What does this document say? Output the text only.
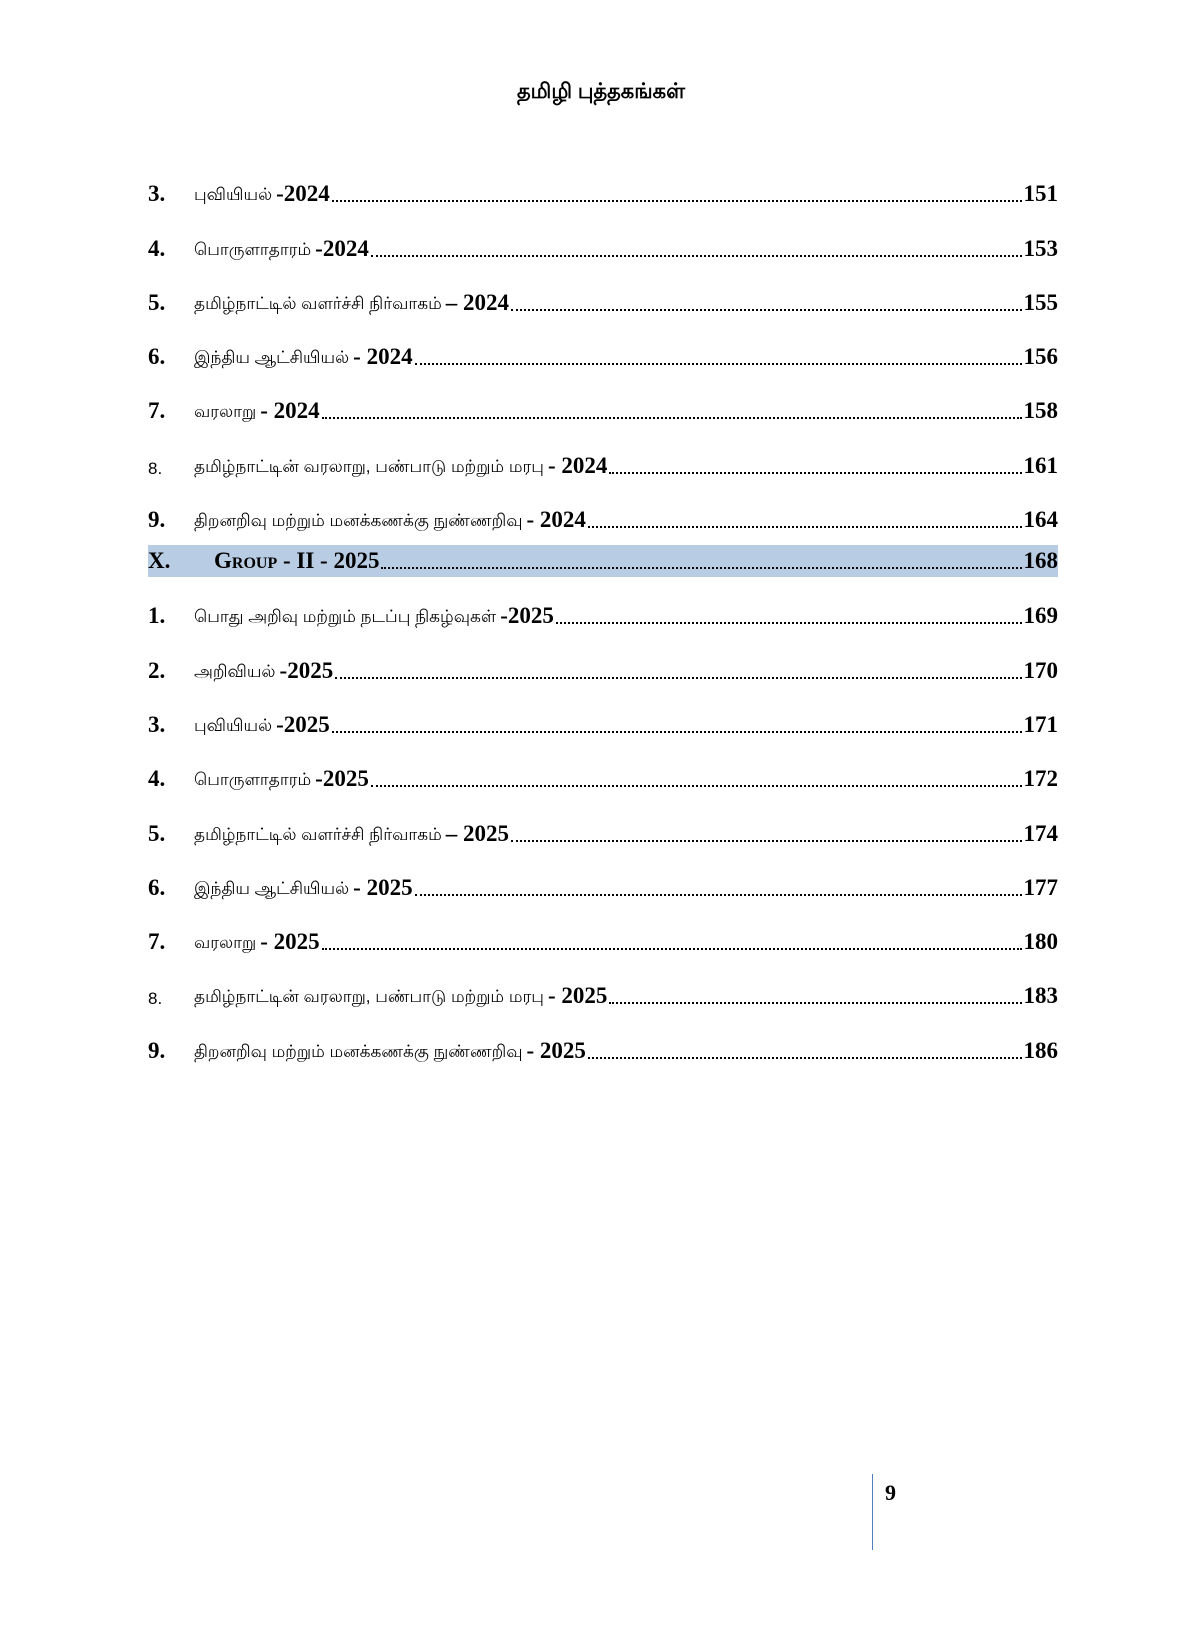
தமிழி புத்தகங்கள்
3.	புவியியல் -2024	151
4.	பொருளாதாரம் -2024	153
5.	தமிழ்நாட்டில் வளர்ச்சி நிர்வாகம் – 2024	155
6.	இந்திய ஆட்சியியல் - 2024	156
7.	வரலாறு - 2024	158
8.	தமிழ்நாட்டின் வரலாறு, பண்பாடு மற்றும் மரபு - 2024	161
9.	திறனறிவு மற்றும் மனக்கணக்கு நுண்ணறிவு - 2024	164
X.	Group - II - 2025	168
1.	பொது அறிவு மற்றும் நடப்பு நிகழ்வுகள் -2025	169
2.	அறிவியல் -2025	170
3.	புவியியல் -2025	171
4.	பொருளாதாரம் -2025	172
5.	தமிழ்நாட்டில் வளர்ச்சி நிர்வாகம் – 2025	174
6.	இந்திய ஆட்சியியல் - 2025	177
7.	வரலாறு - 2025	180
8.	தமிழ்நாட்டின் வரலாறு, பண்பாடு மற்றும் மரபு - 2025	183
9.	திறனறிவு மற்றும் மனக்கணக்கு நுண்ணறிவு - 2025	186
9
